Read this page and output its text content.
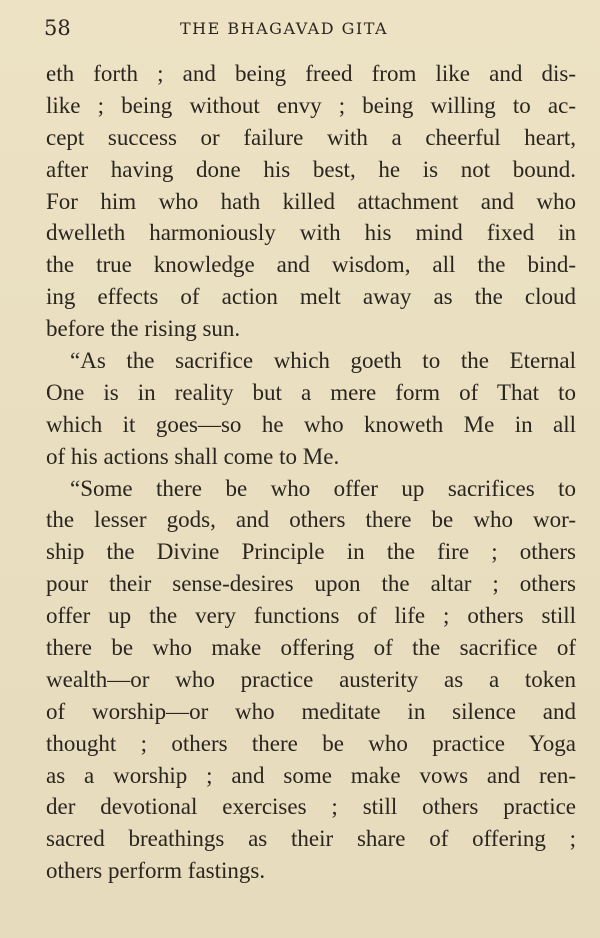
58	THE BHAGAVAD GITA
eth forth ; and being freed from like and dis-
like ; being without envy ; being willing to ac-
cept success or failure with a cheerful heart,
after having done his best, he is not bound.
For him who hath killed attachment and who
dwelleth harmoniously with his mind fixed in
the true knowledge and wisdom, all the bind-
ing effects of action melt away as the cloud
before the rising sun.
“As the sacrifice which goeth to the Eternal
One is in reality but a mere form of That to
which it goes—so he who knoweth Me in all
of his actions shall come to Me.
“Some there be who offer up sacrifices to
the lesser gods, and others there be who wor-
ship the Divine Principle in the fire ; others
pour their sense-desires upon the altar ; others
offer up the very functions of life ; others still
there be who make offering of the sacrifice of
wealth—or who practice austerity as a token
of worship—or who meditate in silence and
thought ; others there be who practice Yoga
as a worship ; and some make vows and ren-
der devotional exercises ; still others practice
sacred breathings as their share of offering ;
others perform fastings.
